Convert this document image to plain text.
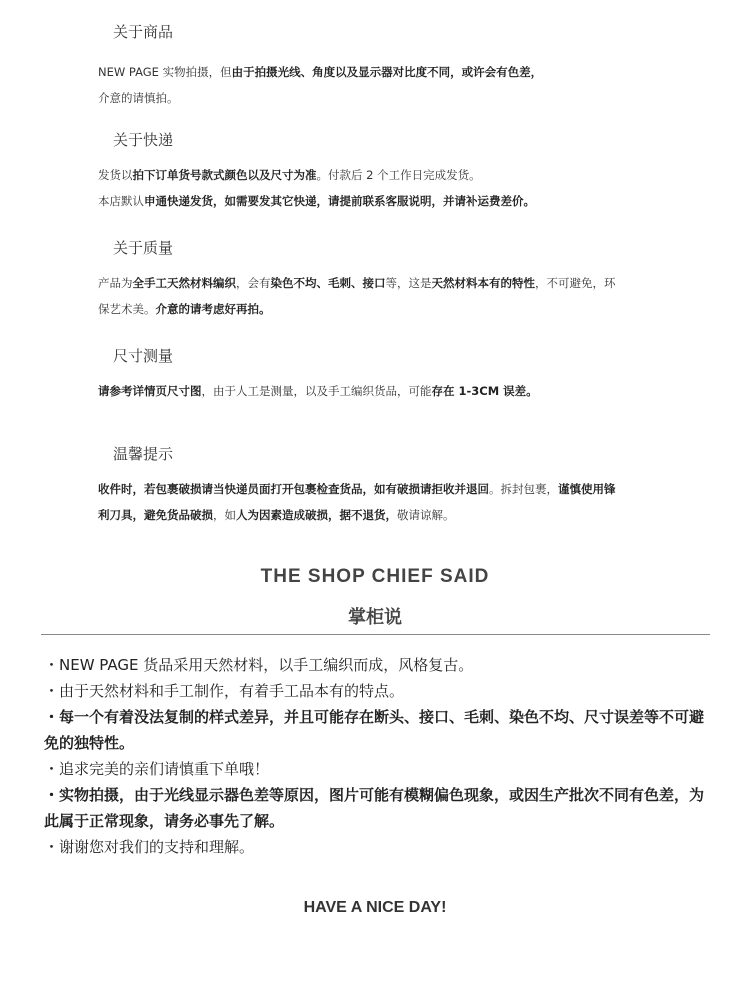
关于商品
NEW PAGE 实物拍摄，但由于拍摄光线、角度以及显示器对比度不同，或许会有色差，
介意的请慎拍。
关于快递
发货以拍下订单货号款式颜色以及尺寸为准。付款后 2 个工作日完成发货。
本店默认申通快递发货，如需要发其它快递，请提前联系客服说明，并请补运费差价。
关于质量
产品为全手工天然材料编织，会有染色不均、毛刺、接口等，这是天然材料本有的特性，不可避免，环
保艺术美。介意的请考虑好再拍。
尺寸测量
请参考详情页尺寸图，由于人工是测量，以及手工编织货品，可能存在 1-3CM 误差。
温馨提示
收件时，若包裹破损请当快递员面打开包裹检查货品，如有破损请拒收并退回。拆封包裹，谨慎使用锋
利刀具，避免货品破损，如人为因素造成破损，据不退货，敬请谅解。
THE SHOP CHIEF SAID
掌柜说
・NEW PAGE 货品采用天然材料，以手工编织而成，风格复古。
・由于天然材料和手工制作，有着手工品本有的特点。
・每一个有着没法复制的样式差异，并且可能存在断头、接口、毛刺、染色不均、尺寸误差等不可避免的独特性。
・追求完美的亲们请慎重下单哦！
・实物拍摄，由于光线显示器色差等原因，图片可能有模糊偏色现象，或因生产批次不同有色差，为此属于正常现象，请务必事先了解。
・谢谢您对我们的支持和理解。

HAVE A NICE DAY!
